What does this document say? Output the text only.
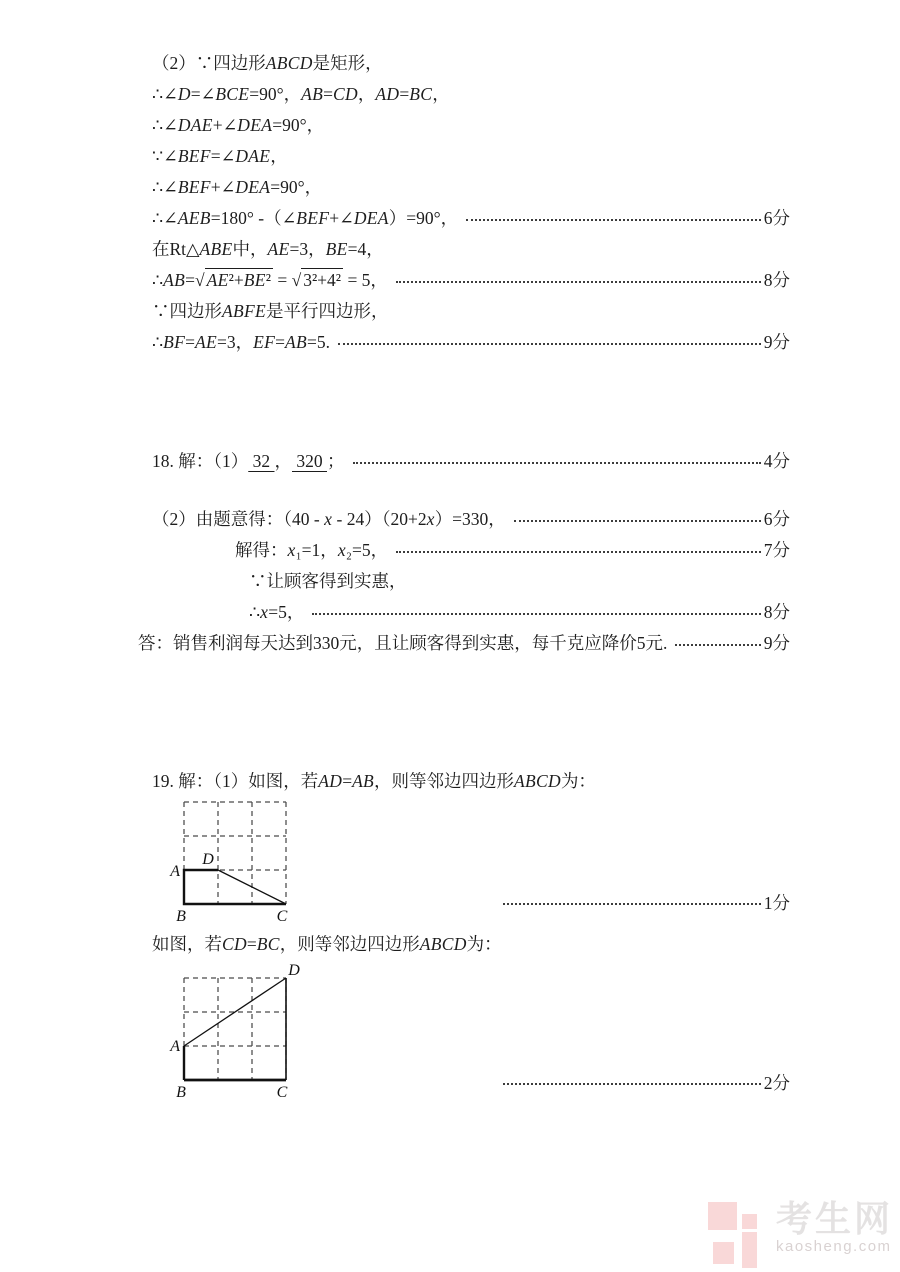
（2）∵四边形ABCD是矩形，
∴∠D=∠BCE=90°，AB=CD，AD=BC，
∴∠DAE+∠DEA=90°，
∵∠BEF=∠DAE，
∴∠BEF+∠DEA=90°，
∴∠AEB=180° -（∠BEF+∠DEA）=90°，	6分
在Rt△ABE中，AE=3，BE=4，
∴AB=√ AE²+BE² = √ 3²+4² = 5，	8分
∵四边形ABFE是平行四边形，
∴BF=AE=3，EF=AB=5.	9分
18. 解：（1） 32 ， 320 ；	4分
（2）由题意得：（40 - x - 24）（20+2x）=330，	6分
解得：x₁=1，x₂=5，	7分
∵让顾客得到实惠，
∴x=5，	8分
答：销售利润每天达到330元，且让顾客得到实惠，每千克应降价5元.	9分
19. 解：（1）如图，若AD=AB，则等邻边四边形ABCD为：
A
D
B	C
1分
如图，若CD=BC，则等邻边四边形ABCD为：
A
D
B	C	2分
考生网
kaosheng.com
